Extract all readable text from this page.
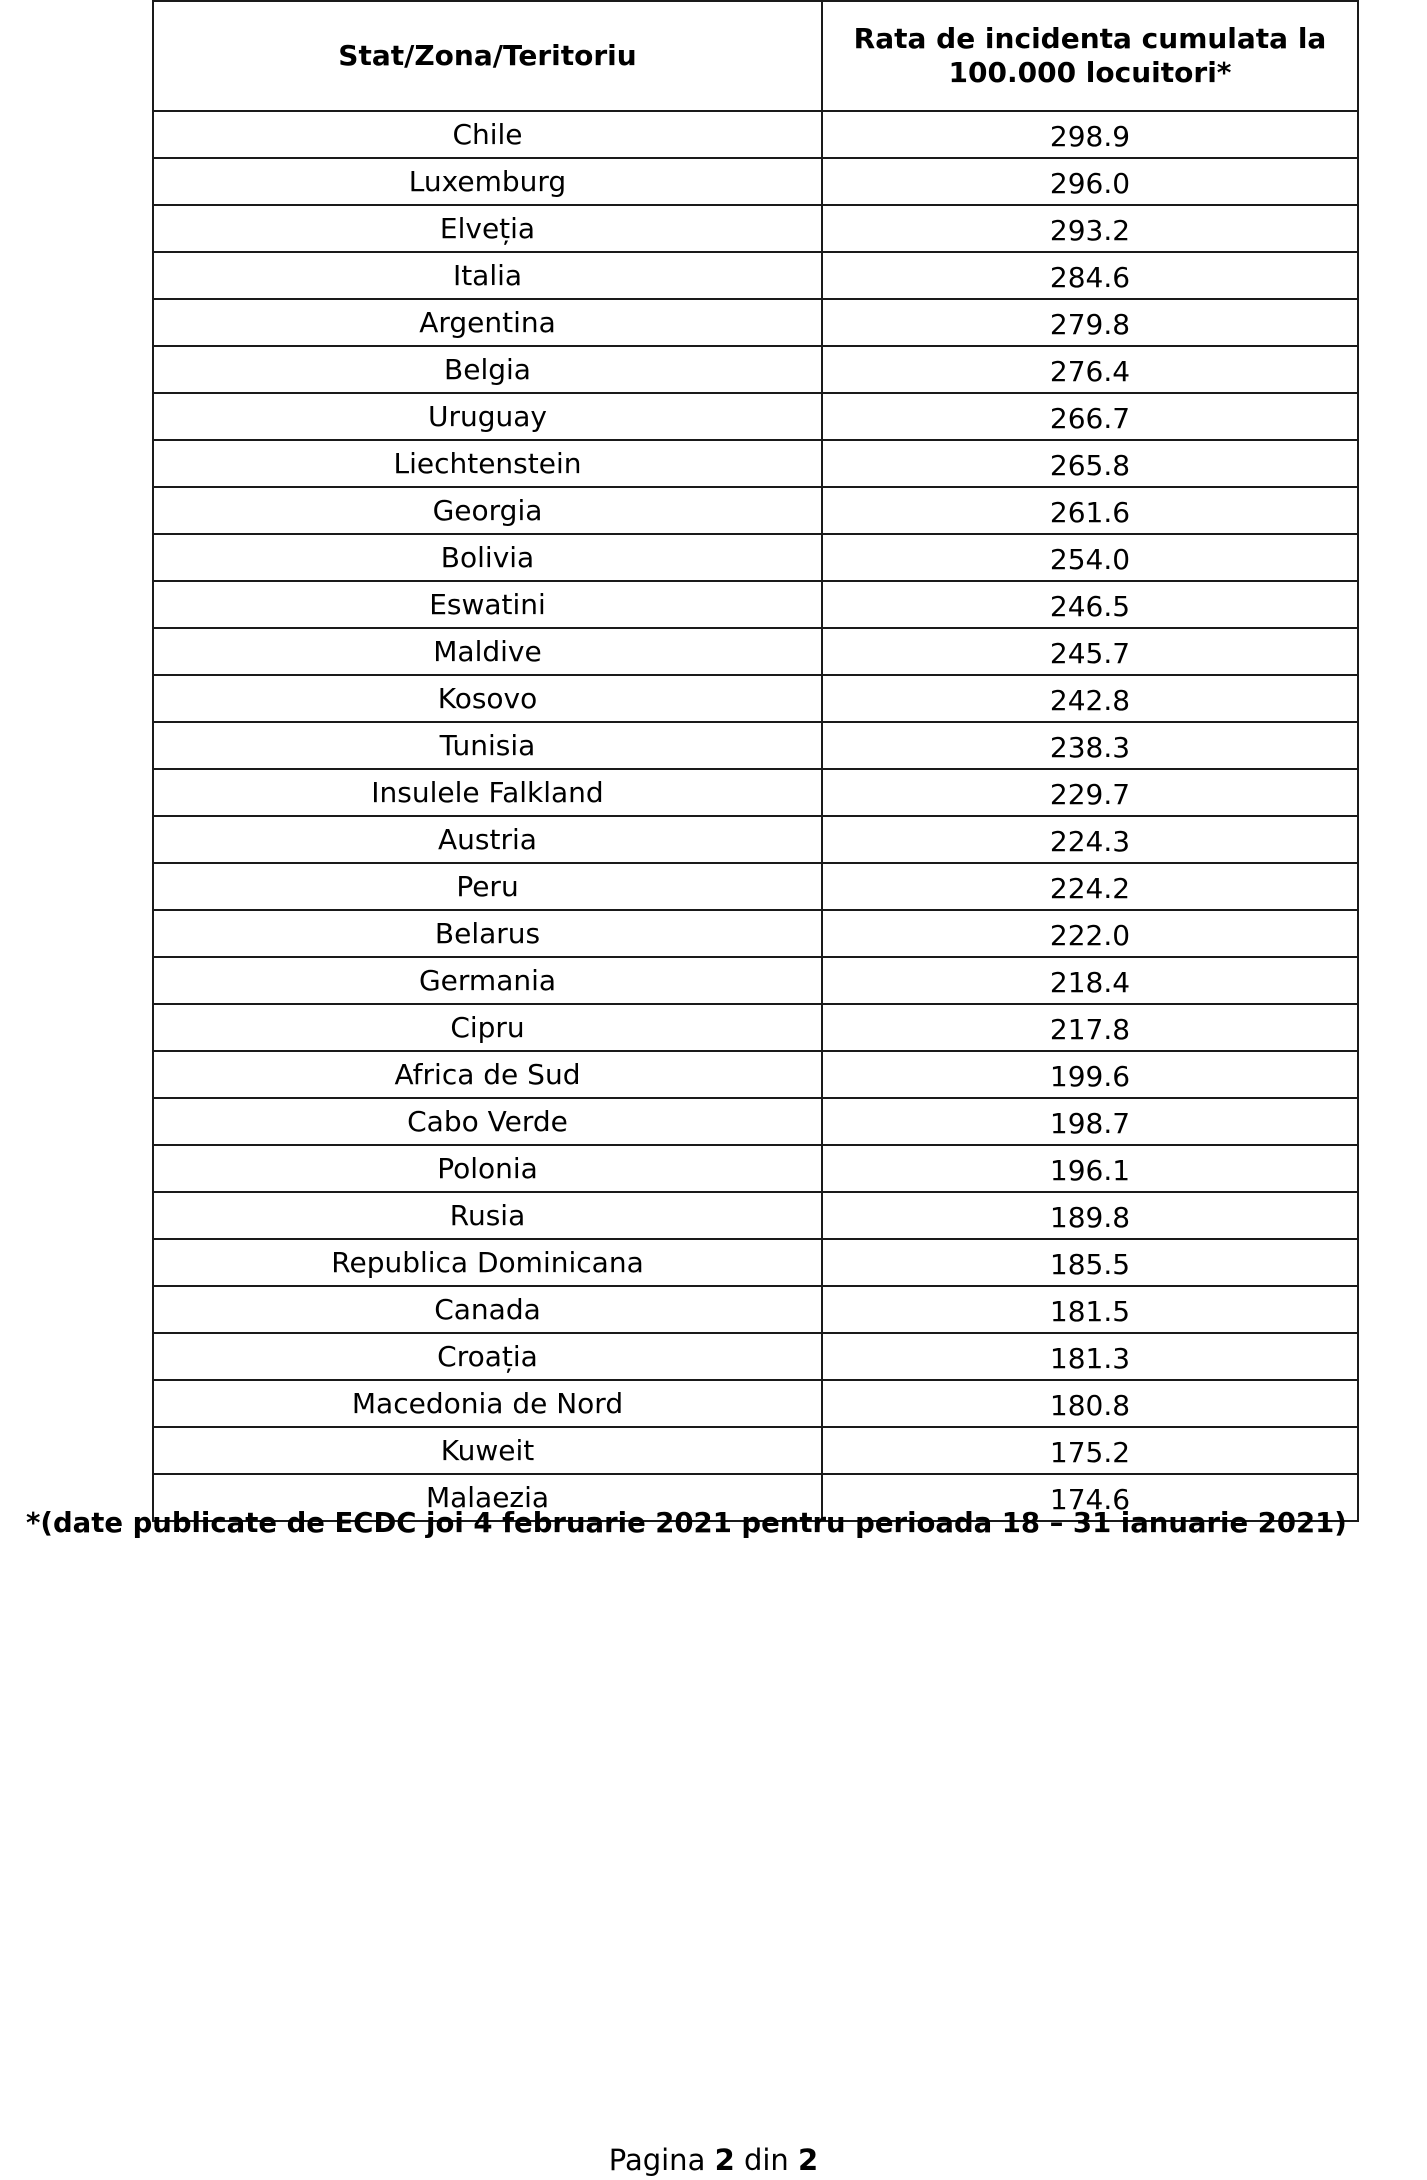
Stat/Zona/Teritoriu	Rata de incidenta cumulata la
100.000 locuitori*

Chile	298.9
Luxemburg	296.0
Elveția	293.2
Italia	284.6
Argentina	279.8
Belgia	276.4
Uruguay	266.7
Liechtenstein	265.8
Georgia	261.6
Bolivia	254.0
Eswatini	246.5
Maldive	245.7
Kosovo	242.8
Tunisia	238.3
Insulele Falkland	229.7
Austria	224.3
Peru	224.2
Belarus	222.0
Germania	218.4
Cipru	217.8
Africa de Sud	199.6
Cabo Verde	198.7
Polonia	196.1
Rusia	189.8
Republica Dominicana	185.5
Canada	181.5
Croația	181.3
Macedonia de Nord	180.8
Kuweit	175.2
Malaezia	174.6

*(date publicate de ECDC joi 4 februarie 2021 pentru perioada 18 – 31 ianuarie 2021)

Pagina 2 din 2
